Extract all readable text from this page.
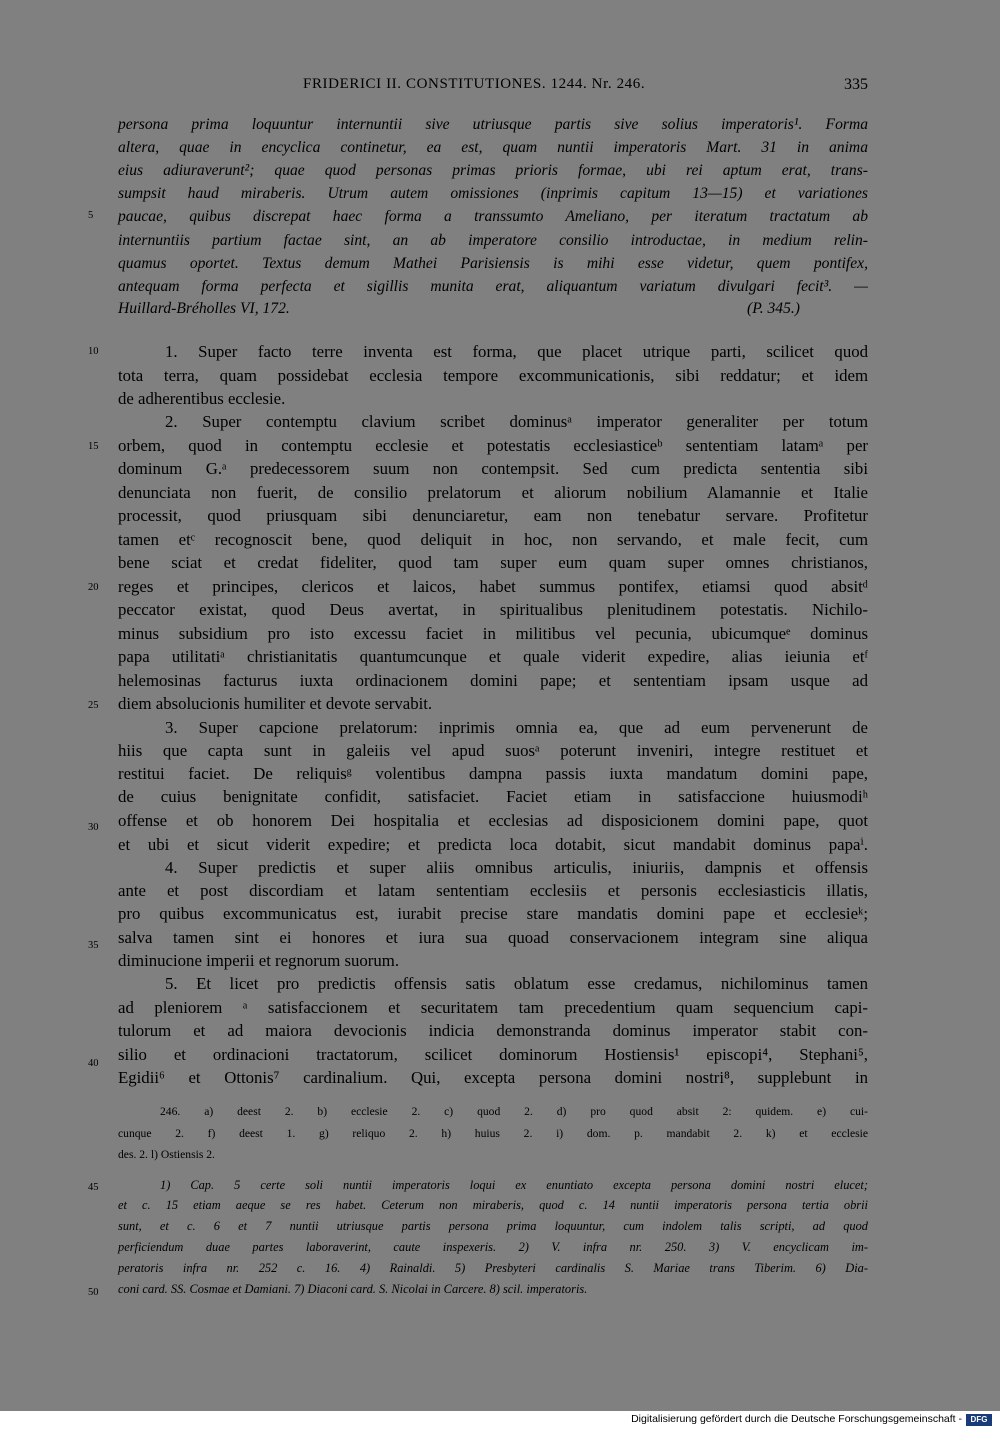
FRIDERICI II. CONSTITUTIONES. 1244. Nr. 246.	335
persona prima loquuntur internuntii sive utriusque partis sive solius imperatoris¹. Forma
altera, quae in encyclica continetur, ea est, quam nuntii imperatoris Mart. 31 in anima
eius adiuraverunt²; quae quod personas primas prioris formae, ubi rei aptum erat, trans-
sumpsit haud miraberis. Utrum autem omissiones (inprimis capitum 13—15) et variationes
paucae, quibus discrepat haec forma a transsumto Ameliano, per iteratum tractatum ab
internuntiis partium factae sint, an ab imperatore consilio introductae, in medium relin-
quamus oportet. Textus demum Mathei Parisiensis is mihi esse videtur, quem pontifex,
antequam forma perfecta et sigillis munita erat, aliquantum variatum divulgari fecit³. —
Huillard-Bréholles VI, 172.	(P. 345.)
1. Super facto terre inventa est forma, que placet utrique parti, scilicet quod
tota terra, quam possidebat ecclesia tempore excommunicationis, sibi reddatur; et idem
de adherentibus ecclesie.
2. Super contemptu clavium scribet dominusᵃ imperator generaliter per totum
orbem, quod in contemptu ecclesie et potestatis ecclesiasticeᵇ sententiam latamᵃ per
dominum G.ᵃ predecessorem suum non contempsit. Sed cum predicta sententia sibi
denunciata non fuerit, de consilio prelatorum et aliorum nobilium Alamannie et Italie
processit, quod priusquam sibi denunciaretur, eam non tenebatur servare. Profitetur
tamen etᶜ recognoscit bene, quod deliquit in hoc, non servando, et male fecit, cum
bene sciat et credat fideliter, quod tam super eum quam super omnes christianos,
reges et principes, clericos et laicos, habet summus pontifex, etiamsi quod absitᵈ
peccator existat, quod Deus avertat, in spiritualibus plenitudinem potestatis. Nichilo-
minus subsidium pro isto excessu faciet in militibus vel pecunia, ubicumqueᵉ dominus
papa utilitatiᵃ christianitatis quantumcunque et quale viderit expedire, alias ieiunia etᶠ
helemosinas facturus iuxta ordinacionem domini pape; et sententiam ipsam usque ad
diem absolucionis humiliter et devote servabit.
3. Super capcione prelatorum: inprimis omnia ea, que ad eum pervenerunt de
hiis que capta sunt in galeiis vel apud suosᵃ poterunt inveniri, integre restituet et
restitui faciet. De reliquisᵍ volentibus dampna passis iuxta mandatum domini pape,
de cuius benignitate confidit, satisfaciet. Faciet etiam in satisfaccione huiusmodiʰ
offense et ob honorem Dei hospitalia et ecclesias ad disposicionem domini pape, quot
et ubi et sicut viderit expedire; et predicta loca dotabit, sicut mandabit dominus papaⁱ.
4. Super predictis et super aliis omnibus articulis, iniuriis, dampnis et offensis
ante et post discordiam et latam sententiam ecclesiis et personis ecclesiasticis illatis,
pro quibus excommunicatus est, iurabit precise stare mandatis domini pape et ecclesieᵏ;
salva tamen sint ei honores et iura sua quoad conservacionem integram sine aliqua
diminucione imperii et regnorum suorum.
5. Et licet pro predictis offensis satis oblatum esse credamus, nichilominus tamen
ad pleniorem ᵃ satisfaccionem et securitatem tam precedentium quam sequencium capi-
tulorum et ad maiora devocionis indicia demonstranda dominus imperator stabit con-
silio et ordinacioni tractatorum, scilicet dominorum Hostiensis¹ episcopi⁴, Stephani⁵,
Egidii⁶ et Ottonis⁷ cardinalium. Qui, excepta persona domini nostri⁸, supplebunt in
246. a) deest 2. b) ecclesie 2. c) quod 2. d) pro quod absit 2: quidem. e) cui-
cunque 2. f) deest 1. g) reliquo 2. h) huius 2. i) dom. p. mandabit 2. k) et ecclesie
des. 2. l) Ostiensis 2.
1) Cap. 5 certe soli nuntii imperatoris loqui ex enuntiato excepta persona domini nostri elucet;
et c. 15 etiam aeque se res habet. Ceterum non miraberis, quod c. 14 nuntii imperatoris persona tertia obrii
sunt, et c. 6 et 7 nuntii utriusque partis persona prima loquuntur, cum indolem talis scripti, ad quod
perficiendum duae partes laboraverint, caute inspexeris. 2) V. infra nr. 250. 3) V. encyclicam im-
peratoris infra nr. 252 c. 16. 4) Rainaldi. 5) Presbyteri cardinalis S. Mariae trans Tiberim. 6) Dia-
coni card. SS. Cosmae et Damiani. 7) Diaconi card. S. Nicolai in Carcere. 8) scil. imperatoris.
5
10
15
20
25
30
35
40
45
50
Digitalisierung gefördert durch die Deutsche Forschungsgemeinschaft -	DFG
